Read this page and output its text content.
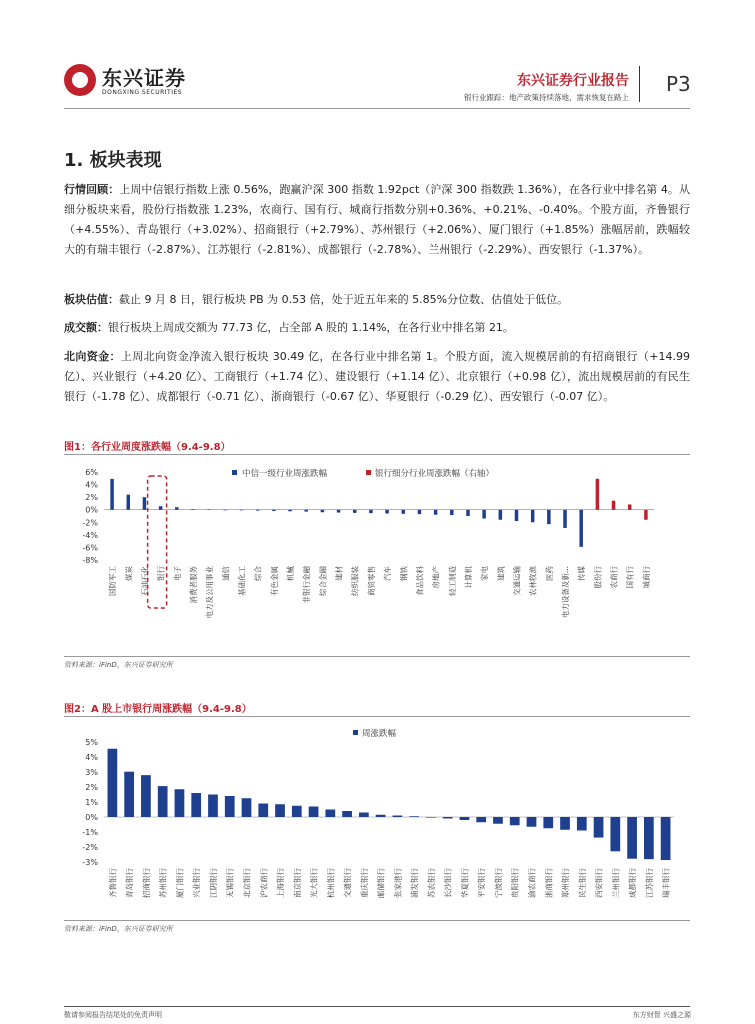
东兴证券
DONGXING SECURITIES
东兴证券行业报告
银行业跟踪：地产政策持续落地，需求恢复在路上
P3
1. 板块表现
行情回顾：上周中信银行指数上涨 0.56%，跑赢沪深 300 指数 1.92pct（沪深 300 指数跌 1.36%），在各行业中排名第 4。从细分板块来看，股份行指数涨 1.23%，农商行、国有行、城商行指数分别+0.36%、+0.21%、-0.40%。个股方面，齐鲁银行（+4.55%）、青岛银行（+3.02%）、招商银行（+2.79%）、苏州银行（+2.06%）、厦门银行（+1.85%）涨幅居前，跌幅较大的有瑞丰银行（-2.87%）、江苏银行（-2.81%）、成都银行（-2.78%）、兰州银行（-2.29%）、西安银行（-1.37%）。
板块估值：截止 9 月 8 日，银行板块 PB 为 0.53 倍，处于近五年来的 5.85%分位数、估值处于低位。
成交额：银行板块上周成交额为 77.73 亿，占全部 A 股的 1.14%，在各行业中排名第 21。
北向资金：上周北向资金净流入银行板块 30.49 亿，在各行业中排名第 1。个股方面，流入规模居前的有招商银行（+14.99 亿）、兴业银行（+4.20 亿）、工商银行（+1.74 亿）、建设银行（+1.14 亿）、北京银行（+0.98 亿），流出规模居前的有民生银行（-1.78 亿）、成都银行（-0.71 亿）、浙商银行（-0.67 亿）、华夏银行（-0.29 亿）、西安银行（-0.07 亿）。
图1：各行业周度涨跌幅（9.4-9.8）
6%
4%
2%
0%
-2%
-4%
-6%
-8%
中信一级行业周涨跌幅	银行细分行业周涨跌幅（右轴）
国防军工 煤炭 石油石化 银行 电子 消费者服务 电力及公用事业 通信 基础化工 综合 有色金属 机械 非银行金融 综合金融 建材 纺织服装 商贸零售 汽车 钢铁 食品饮料 房地产 轻工制造 计算机 家电 建筑 交通运输 农林牧渔 医药 电力设备及新... 传媒 股份行 农商行 国有行 城商行
资料来源：iFinD，东兴证券研究所
图2：A 股上市银行周涨跌幅（9.4-9.8）
5%
4%
3%
2%
1%
0%
-1%
-2%
-3%
周涨跌幅
齐鲁银行 青岛银行 招商银行 苏州银行 厦门银行 兴业银行 江阴银行 无锡银行 北京银行 沪农商行 上海银行 南京银行 光大银行 杭州银行 交通银行 重庆银行 邮储银行 张家港行 浦发银行 苏农银行 长沙银行 华夏银行 平安银行 宁波银行 贵阳银行 渝农商行 浙商银行 郑州银行 民生银行 西安银行 兰州银行 成都银行 江苏银行 瑞丰银行
资料来源：iFinD，东兴证券研究所
敬请参阅报告结尾处的免责声明	东方财智 兴盛之源
